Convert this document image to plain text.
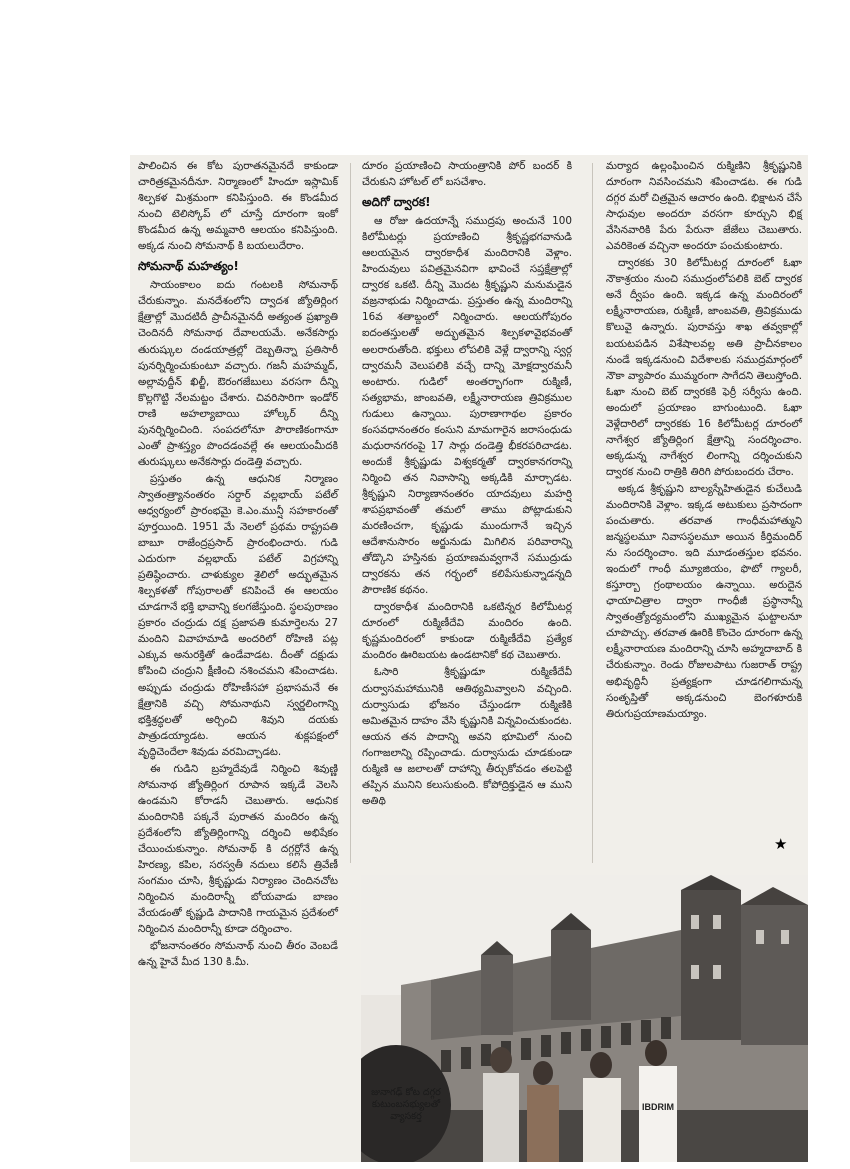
పాలించిన ఈ కోట పురాతనమైనదే కాకుండా చారిత్రకమైనదీనూ. నిర్మాణంలో హిందూ ఇస్లామిక్ శిల్పకళ మిశ్రమంగా కనిపిస్తుంది. ఈ కొండమీద నుంచి టెలిస్కోప్ లో చూస్తే దూరంగా ఇంకో కొండమీద ఉన్న అమ్మవారి ఆలయం కనిపిస్తుంది. అక్కడ నుంచి సోమనాథ్ కి బయలుదేరాం.

సోమనాథ్ మహత్యం!

సాయంకాలం ఐదు గంటలకి సోమనాథ్ చేరుకున్నాం. మనదేశంలోని ద్వాదశ జ్యోతిర్లింగ క్షేత్రాల్లో మొదటిదీ ప్రాచీనమైనదీ అత్యంత ప్రఖ్యాతి చెందినదీ సోమనాథ దేవాలయమే. అనేకసార్లు తురుష్కుల దండయాత్రల్లో దెబ్బతిన్నా ప్రతిసారీ పునర్నిర్మించుకుంటూ వచ్చారు. గజనీ మహమ్మద్, అల్లావుద్దీన్ ఖిల్జీ, ఔరంగజేబులు వరసగా దీన్ని కొల్లగొట్టి నేలమట్టం చేశారు. చివరిసారిగా ఇండోర్ రాణి అహల్యాబాయి హోల్కర్ దీన్ని పునర్నిర్మించింది. సంపదలోనూ పౌరాణికంగానూ ఎంతో ప్రాశస్త్యం పొందడంవల్లే ఈ ఆలయంమీదకి తురుష్కులు అనేకసార్లు దండెత్తి వచ్చారు.

ప్రస్తుతం ఉన్న ఆధునిక నిర్మాణం స్వాతంత్ర్యానంతరం సర్దార్ వల్లభాయ్ పటేల్ ఆధ్వర్యంలో ప్రారంభమై కె.ఎం.మున్షీ సహకారంతో పూర్తయింది. 1951 మే నెలలో ప్రథమ రాష్ట్రపతి బాబూ రాజేంద్రప్రసాద్ ప్రారంభించారు. గుడి ఎదురుగా వల్లభాయ్ పటేల్ విగ్రహాన్ని ప్రతిష్ఠించారు. చాళుక్యుల శైలిలో అద్భుతమైన శిల్పకళతో గోపురాలతో కనిపించే ఈ ఆలయం చూడగానే భక్తి భావాన్ని కలగజేస్తుంది. స్థలపురాణం ప్రకారం చంద్రుడు దక్ష ప్రజాపతి కుమార్తెలను 27 మందిని వివాహమాడి అందరిలో రోహిణి పట్ల ఎక్కువ అనురక్తితో ఉండేవాడట. దీంతో దక్షుడు కోపించి చంద్రుని క్షీణించి నశించమని శపించాడట. అప్పుడు చంద్రుడు రోహిణీసహా ప్రభాసమనే ఈ క్షేత్రానికి వచ్చి సోమనాథుని స్వర్ణలింగాన్ని భక్తిశ్రద్ధలతో అర్చించి శివుని దయకు పాత్రుడయ్యాడట. ఆయన శుక్లపక్షంలో వృద్ధిచెందేలా శివుడు వరమిచ్చాడట.

ఈ గుడిని బ్రహ్మదేవుడే నిర్మించి శివుణ్ణి సోమనాథ జ్యోతిర్లింగ రూపాన ఇక్కడే వెలసి ఉండమని కోరాడనీ చెబుతారు. ఆధునిక మందిరానికి పక్కనే పురాతన మందిరం ఉన్న ప్రదేశంలోని జ్యోతిర్లింగాన్ని దర్శించి అభిషేకం చేయించుకున్నాం. సోమనాథ్ కి దగ్గర్లోనే ఉన్న హిరణ్య, కపిల, సరస్వతీ నదులు కలిసే త్రివేణీ సంగమం చూసి, శ్రీకృష్ణుడు నిర్యాణం చెందినచోట నిర్మించిన మందిరాన్నీ బోయవాడు బాణం వేయడంతో కృష్ణుడి పాదానికి గాయమైన ప్రదేశంలో నిర్మించిన మందిరాన్నీ కూడా దర్శించాం.

భోజనానంతరం సోమనాథ్ నుంచి తీరం వెంబడే ఉన్న హైవే మీద 130 కి.మీ.

దూరం ప్రయాణించి సాయంత్రానికి పోర్ బందర్ కి చేరుకుని హోటల్ లో బసచేశాం.

అదిగో ద్వారక!

ఆ రోజు ఉదయాన్నే సముద్రపు అంచునే 100 కిలోమీటర్లు ప్రయాణించి శ్రీకృష్ణభగవానుడి ఆలయమైన ద్వారకాధీశ మందిరానికి వెళ్లాం. హిందువులు పవిత్రమైనవిగా భావించే సప్తక్షేత్రాల్లో ద్వారక ఒకటి. దీన్ని మొదట శ్రీకృష్ణుని మనుమడైన వజ్రనాభుడు నిర్మించాడు. ప్రస్తుతం ఉన్న మందిరాన్ని 16వ శతాబ్దంలో నిర్మించారు. ఆలయగోపురం ఐదంతస్తులతో అద్భుతమైన శిల్పకళావైభవంతో అలరారుతోంది. భక్తులు లోపలికి వెళ్లే ద్వారాన్ని స్వర్గ ద్వారమనీ వెలుపలికి వచ్చే దాన్ని మోక్షద్వారమనీ అంటారు. గుడిలో అంతర్భాగంగా రుక్మిణీ, సత్యభామ, జాంబవతి, లక్ష్మీనారాయణ త్రివిక్రముల గుడులు ఉన్నాయి. పురాణాగాథల ప్రకారం కంసవధానంతరం కంసుని మామగారైన జరాసంధుడు మధురానగరంపై 17 సార్లు దండెత్తి భీకరపరిచాడట. అందుకే శ్రీకృష్ణుడు విశ్వకర్మతో ద్వారకానగరాన్ని నిర్మించి తన నివాసాన్ని అక్కడికి మార్చాడట. శ్రీకృష్ణుని నిర్యాణానంతరం యాదవులు మహర్షి శాపప్రభావంతో తమలో తాము పోట్లాడుకుని మరణించగా, కృష్ణుడు ముందుగానే ఇచ్చిన ఆదేశానుసారం అర్జునుడు మిగిలిన పరివారాన్ని తోడ్కొని హస్తినకు ప్రయాణమవ్వగానే సముద్రుడు ద్వారకను తన గర్భంలో కలిపేసుకున్నాడన్నది పౌరాణిక కథనం.

ద్వారకాధీశ మందిరానికి ఒకటిన్నర కిలోమీటర్ల దూరంలో రుక్మిణీదేవి మందిరం ఉంది. కృష్ణమందిరంలో కాకుండా రుక్మిణీదేవి ప్రత్యేక మందిరం ఊరిబయట ఉండటానికో కథ చెబుతారు.

ఓసారి శ్రీకృష్ణుడూ రుక్మిణీదేవీ దుర్వాసమహామునికి ఆతిథ్యమివ్వాలని వచ్చింది. దుర్వాసుడు భోజనం చేస్తుండగా రుక్మిణికి అమితమైన దాహం వేసి కృష్ణునికి విన్నవించుకుందట. ఆయన తన పాదాన్ని అవని భూమిలో నుంచి గంగాజలాన్ని రప్పించాడు. దుర్వాసుడు చూడకుండా రుక్మిణి ఆ జలాలతో దాహాన్ని తీర్చుకోవడం తలపెట్టి తప్పిన మునిని కలుసుకుంది. కోపోద్రిక్తుడైన ఆ ముని అతిథి

మర్యాద ఉల్లంఘించిన రుక్మిణిని శ్రీకృష్ణునికి దూరంగా నివసించమని శపించాడట. ఈ గుడి దగ్గర మరో చిత్రమైన ఆచారం ఉంది. భిక్షాటన చేసే సాధువుల అందరూ వరసగా కూర్చుని భిక్ష వేసినవారికి పేరు పేరునా జేజేలు చెబుతారు. ఎవరికెంత వచ్చినా అందరూ పంచుకుంటారు.

ద్వారకకు 30 కిలోమీటర్ల దూరంలో ఓఖా నౌకాశ్రయం నుంచి సముద్రంలోపలికి బెట్ ద్వారక అనే ద్వీపం ఉంది. ఇక్కడ ఉన్న మందిరంలో లక్ష్మీనారాయణ, రుక్మిణీ, జాంబవతి, త్రివిక్రముడు కొలువై ఉన్నారు. పురావస్తు శాఖ తవ్వకాల్లో బయటపడిన విశేషాలవల్ల అతి ప్రాచీనకాలం నుండే ఇక్కడనుంచి విదేశాలకు సముద్రమార్గంలో నౌకా వ్యాపారం ముమ్మరంగా సాగేదని తెలుస్తోంది. ఓఖా నుంచి బెట్ ద్వారకకి ఫెర్రీ సర్వీసు ఉంది. అందులో ప్రయాణం బాగుంటుంది. ఓఖా వెళ్లేదారిలో ద్వారకకు 16 కిలోమీటర్ల దూరంలో నాగేశ్వర జ్యోతిర్లింగ క్షేత్రాన్ని సందర్శించాం. అక్కడున్న నాగేశ్వర లింగాన్ని దర్శించుకుని ద్వారక నుంచి రాత్రికి తిరిగి పోరుబందరు చేరాం.

అక్కడ శ్రీకృష్ణుని బాల్యస్నేహితుడైన కుచేలుడి మందిరానికి వెళ్లాం. ఇక్కడ అటుకులు ప్రసాదంగా పంచుతారు. తరవాత గాంధీమహాత్ముని జన్మస్థలమూ నివాసస్థలమూ అయిన కీర్తిమందిర్ ను సందర్శించాం. ఇది మూడంతస్తుల భవనం. ఇందులో గాంధీ మ్యూజియం, ఫొటో గ్యాలరీ, కస్తూర్బా గ్రంథాలయం ఉన్నాయి. అరుదైన ఛాయాచిత్రాల ద్వారా గాంధీజీ ప్రస్థానాన్నీ స్వాతంత్ర్యోద్యమంలోని ముఖ్యమైన ఘట్టాలనూ చూపొచ్చు. తరవాత ఊరికి కొంచెం దూరంగా ఉన్న లక్ష్మీనారాయణ మందిరాన్ని చూసి అహ్మదాబాద్ కి చేరుకున్నాం. రెండు రోజులపాటు గుజరాత్ రాష్ట్ర అభివృద్ధినీ ప్రత్యక్షంగా చూడగలిగామన్న సంతృప్తితో అక్కడనుంచి బెంగళూరుకి తిరుగుప్రయాణమయ్యాం.

★
IBDRIM
జునాగఢ్ కోట దగ్గర
కుటుంబసభ్యులతో
వ్యాసకర్త
